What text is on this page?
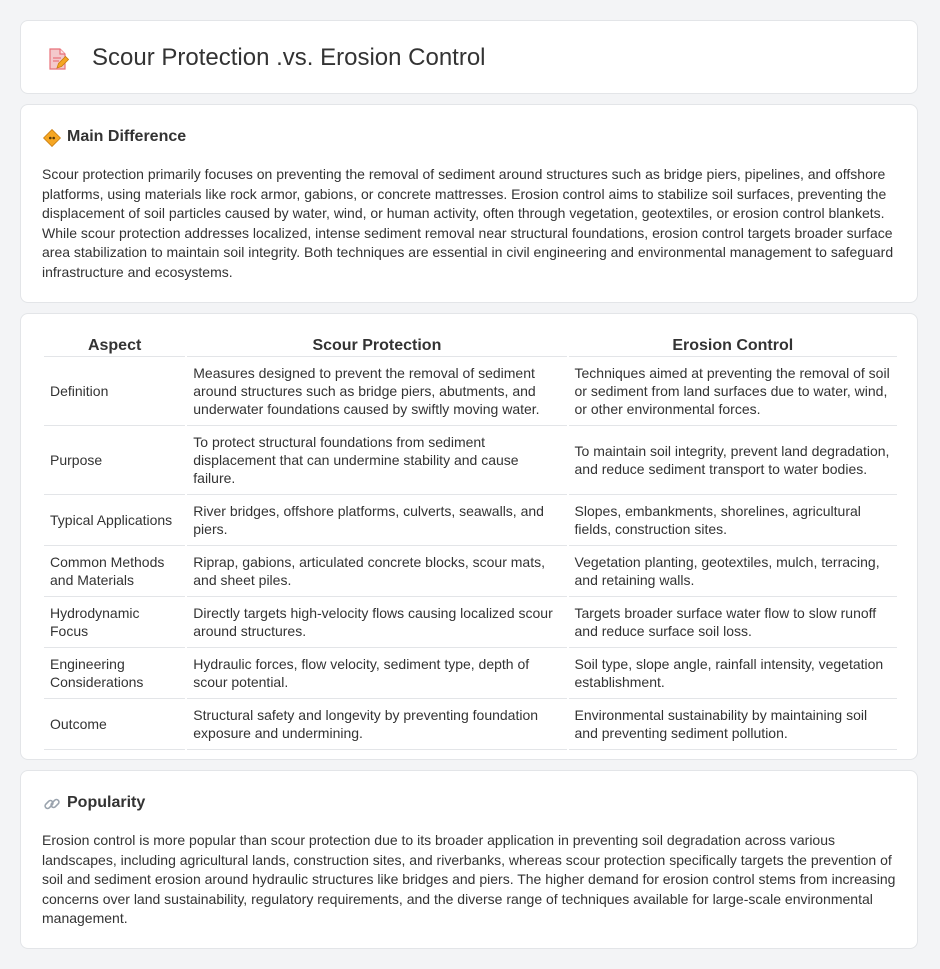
Scour Protection .vs. Erosion Control
Main Difference

Scour protection primarily focuses on preventing the removal of sediment around structures such as bridge piers, pipelines, and offshore platforms, using materials like rock armor, gabions, or concrete mattresses. Erosion control aims to stabilize soil surfaces, preventing the displacement of soil particles caused by water, wind, or human activity, often through vegetation, geotextiles, or erosion control blankets. While scour protection addresses localized, intense sediment removal near structural foundations, erosion control targets broader surface area stabilization to maintain soil integrity. Both techniques are essential in civil engineering and environmental management to safeguard infrastructure and ecosystems.

Aspect	Scour Protection	Erosion Control
Definition	Measures designed to prevent the removal of sediment around structures such as bridge piers, abutments, and underwater foundations caused by swiftly moving water.	Techniques aimed at preventing the removal of soil or sediment from land surfaces due to water, wind, or other environmental forces.
Purpose	To protect structural foundations from sediment displacement that can undermine stability and cause failure.	To maintain soil integrity, prevent land degradation, and reduce sediment transport to water bodies.
Typical Applications	River bridges, offshore platforms, culverts, seawalls, and piers.	Slopes, embankments, shorelines, agricultural fields, construction sites.
Common Methods and Materials	Riprap, gabions, articulated concrete blocks, scour mats, and sheet piles.	Vegetation planting, geotextiles, mulch, terracing, and retaining walls.
Hydrodynamic Focus	Directly targets high-velocity flows causing localized scour around structures.	Targets broader surface water flow to slow runoff and reduce surface soil loss.
Engineering Considerations	Hydraulic forces, flow velocity, sediment type, depth of scour potential.	Soil type, slope angle, rainfall intensity, vegetation establishment.
Outcome	Structural safety and longevity by preventing foundation exposure and undermining.	Environmental sustainability by maintaining soil and preventing sediment pollution.
Popularity

Erosion control is more popular than scour protection due to its broader application in preventing soil degradation across various landscapes, including agricultural lands, construction sites, and riverbanks, whereas scour protection specifically targets the prevention of soil and sediment erosion around hydraulic structures like bridges and piers. The higher demand for erosion control stems from increasing concerns over land sustainability, regulatory requirements, and the diverse range of techniques available for large-scale environmental management.
